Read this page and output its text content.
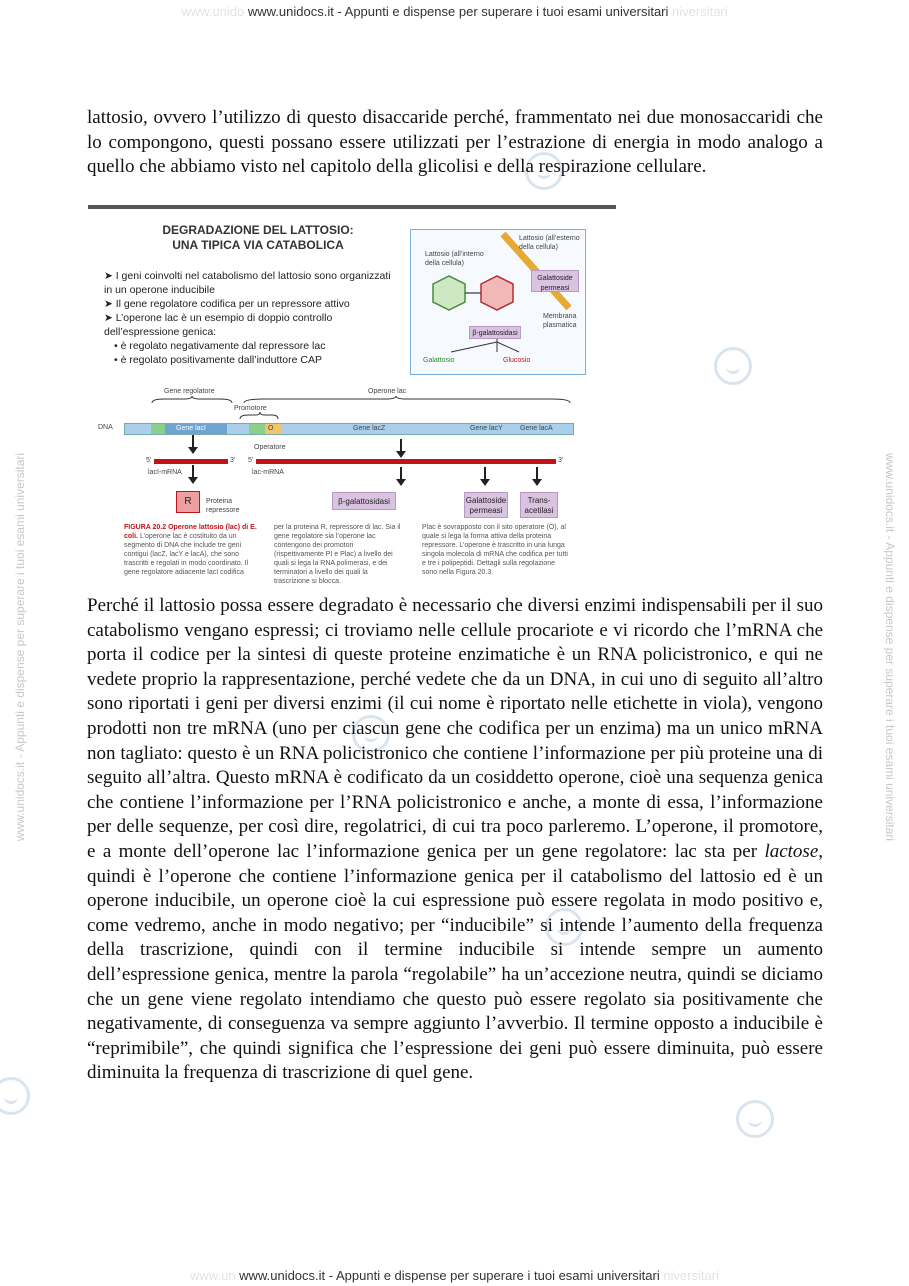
www.unido www.unidocs.it - Appunti e dispense per superare i tuoi esami universitari niversitari
www.unidocs.it - Appunti e dispense per superare i tuoi esami universitari	www.unidocs.it - Appunti e dispense per superare i tuoi esami universitari
lattosio, ovvero l’utilizzo di questo disaccaride perché, frammentato nei due monosaccaridi che lo compongono, questi possano essere utilizzati per l’estrazione di energia in modo analogo a quello che abbiamo visto nel capitolo della glicolisi e della respirazione cellulare.
DEGRADAZIONE DEL LATTOSIO:
UNA TIPICA VIA CATABOLICA
➤ I geni coinvolti nel catabolismo del lattosio sono organizzati in un operone inducibile
➤ Il gene regolatore codifica per un repressore attivo
➤ L’operone lac è un esempio di doppio controllo dell’espressione genica:
• è regolato negativamente dal repressore lac
• è regolato positivamente dall’induttore CAP
Lattosio (all’esterno della cellula)
Lattosio (all’interno della cellula)
Galattoside permeasi
Membrana plasmatica
β-galattosidasi
Galattosio	Glucosio
Gene regolatore	Operone lac
Promotore
DNA	Gene lacI	O	Gene lacZ	Gene lacY Gene lacA
Operatore
5′	3′
lacI-mRNA
5′	3′
lac-mRNA
R	Proteina repressore
β-galattosidasi	Galattoside permeasi
Trans-acetilasi
FIGURA 20.2 Operone lattosio (lac) di E. coli. L’operone lac è costituito da un segmento di DNA che include tre geni contigui (lacZ, lacY e lacA), che sono trascritti e regolati in modo coordinato. Il gene regolatore adiacente lacI codifica
per la proteina R, repressore di lac. Sia il gene regolatore sia l’operone lac contengono dei promotori (rispettivamente PI e Plac) a livello dei quali si lega la RNA polimerasi, e dei terminatori a livello dei quali la trascrizione si blocca.
Plac è sovrapposto con il sito operatore (O), al quale si lega la forma attiva della proteina repressore. L’operone è trascritto in una lunga singola molecola di mRNA che codifica per tutti e tre i polipeptidi. Dettagli sulla regolazione sono nella Figura 20.3.
Perché il lattosio possa essere degradato è necessario che diversi enzimi indispensabili per il suo catabolismo vengano espressi; ci troviamo nelle cellule procariote e vi ricordo che l’mRNA che porta il codice per la sintesi di queste proteine enzimatiche è un RNA policistronico, e qui ne vedete proprio la rappresentazione, perché vedete che da un DNA, in cui uno di seguito all’altro sono riportati i geni per diversi enzimi (il cui nome è riportato nelle etichette in viola), vengono prodotti non tre mRNA (uno per ciascun gene che codifica per un enzima) ma un unico mRNA non tagliato: questo è un RNA policistronico che contiene l’informazione per più proteine una di seguito all’altra. Questo mRNA è codificato da un cosiddetto operone, cioè una sequenza genica che contiene l’informazione per l’RNA policistronico e anche, a monte di essa, l’informazione per delle sequenze, per così dire, regolatrici, di cui tra poco parleremo. L’operone, il promotore, e a monte dell’operone lac l’informazione genica per un gene regolatore: lac sta per lactose, quindi è l’operone che contiene l’informazione genica per il catabolismo del lattosio ed è un operone inducibile, un operone cioè la cui espressione può essere regolata in modo positivo e, come vedremo, anche in modo negativo; per “inducibile” si intende l’aumento della frequenza della trascrizione, quindi con il termine inducibile si intende sempre un aumento dell’espressione genica, mentre la parola “regolabile” ha un’accezione neutra, quindi se diciamo che un gene viene regolato intendiamo che questo può essere regolato sia positivamente che negativamente, di conseguenza va sempre aggiunto l’avverbio. Il termine opposto a inducibile è “reprimibile”, che quindi significa che l’espressione dei geni può essere diminuita, può essere diminuita la frequenza di trascrizione di quel gene.
www.un www.unidocs.it - Appunti e dispense per superare i tuoi esami universitari niversitari
